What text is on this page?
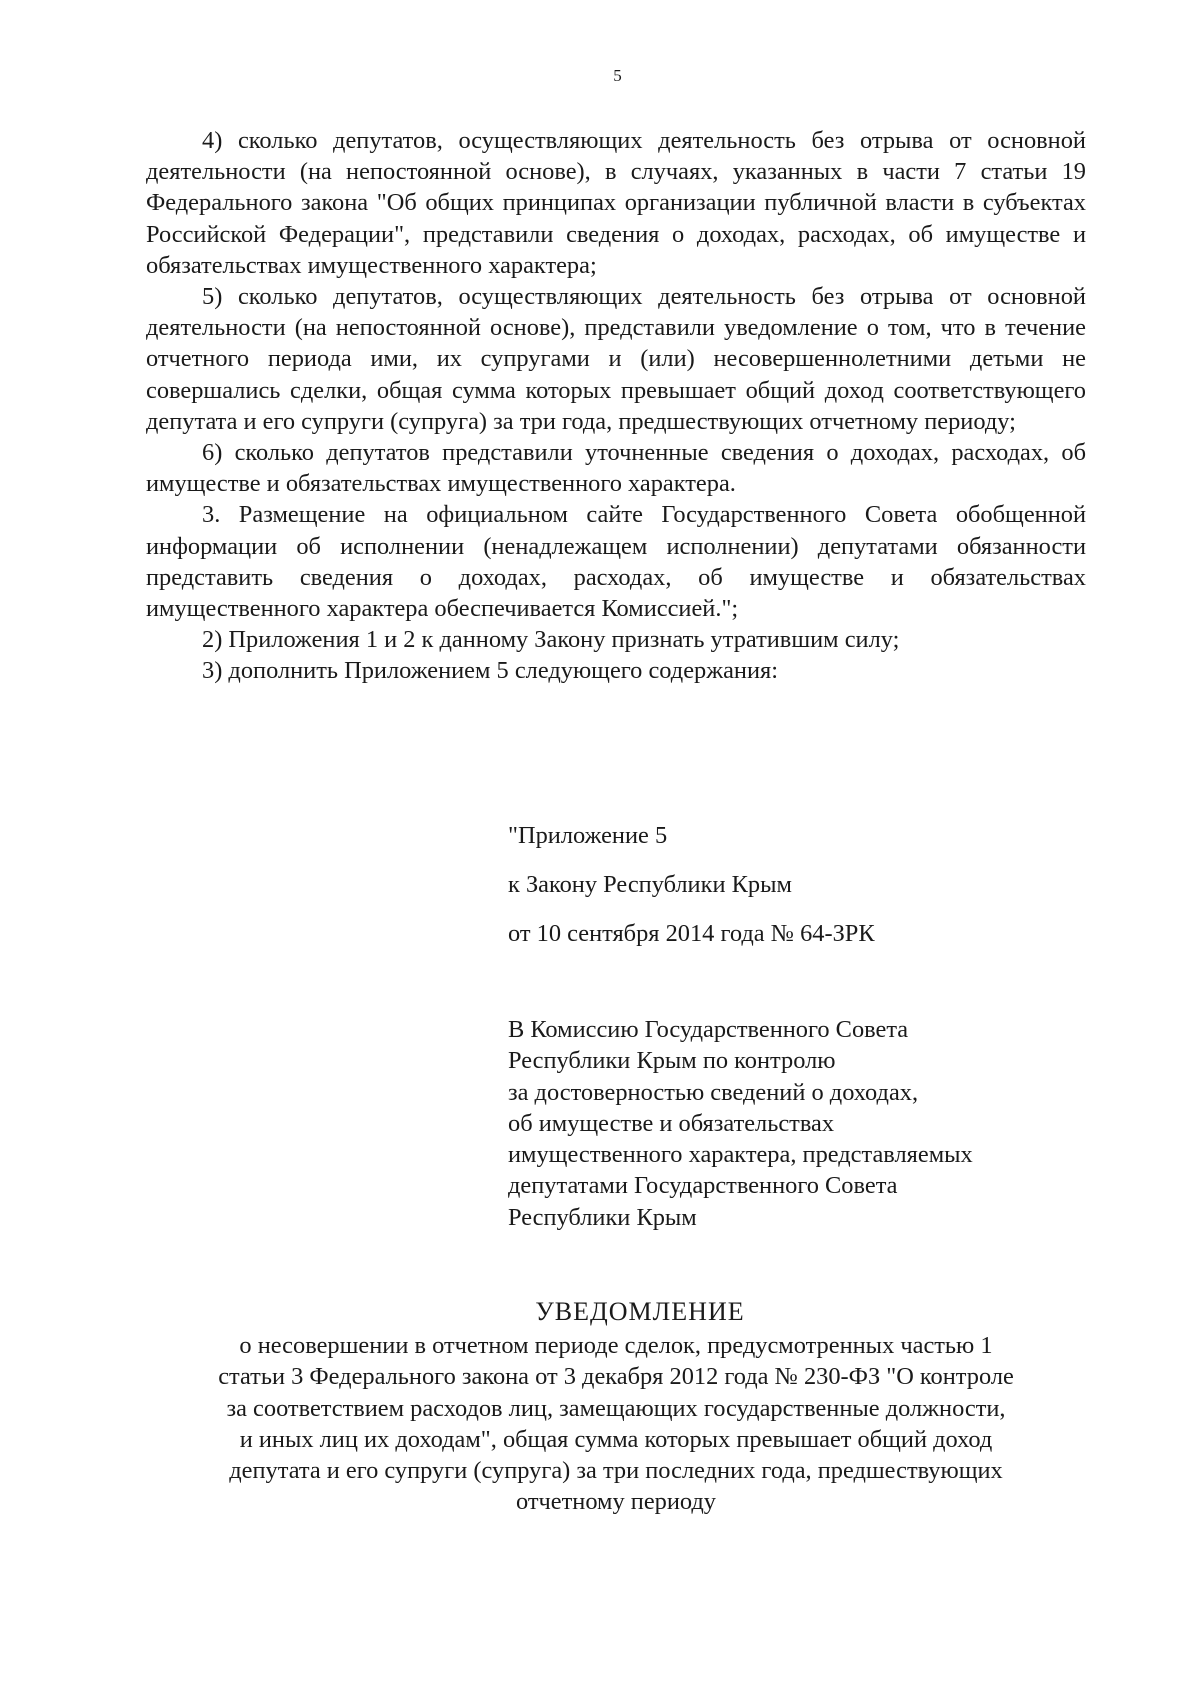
5

4) сколько депутатов, осуществляющих деятельность без отрыва от основной деятельности (на непостоянной основе), в случаях, указанных в части 7 статьи 19 Федерального закона "Об общих принципах организации публичной власти в субъектах Российской Федерации", представили сведения о доходах, расходах, об имуществе и обязательствах имущественного характера;

5) сколько депутатов, осуществляющих деятельность без отрыва от основной деятельности (на непостоянной основе), представили уведомление о том, что в течение отчетного периода ими, их супругами и (или) несовершеннолетними детьми не совершались сделки, общая сумма которых превышает общий доход соответствующего депутата и его супруги (супруга) за три года, предшествующих отчетному периоду;

6) сколько депутатов представили уточненные сведения о доходах, расходах, об имуществе и обязательствах имущественного характера.

3. Размещение на официальном сайте Государственного Совета обобщенной информации об исполнении (ненадлежащем исполнении) депутатами обязанности представить сведения о доходах, расходах, об имуществе и обязательствах имущественного характера обеспечивается Комиссией.";

2) Приложения 1 и 2 к данному Закону признать утратившим силу;

3) дополнить Приложением 5 следующего содержания:

"Приложение 5
к Закону Республики Крым
от 10 сентября 2014 года № 64-ЗРК
В Комиссию Государственного Совета
Республики Крым по контролю
за достоверностью сведений о доходах,
об имуществе и обязательствах
имущественного характера, представляемых
депутатами Государственного Совета
Республики Крым
УВЕДОМЛЕНИЕ
о несовершении в отчетном периоде сделок, предусмотренных частью 1
статьи 3 Федерального закона от 3 декабря 2012 года № 230-ФЗ "О контроле
за соответствием расходов лиц, замещающих государственные должности,
и иных лиц их доходам", общая сумма которых превышает общий доход
депутата и его супруги (супруга) за три последних года, предшествующих
отчетному периоду
